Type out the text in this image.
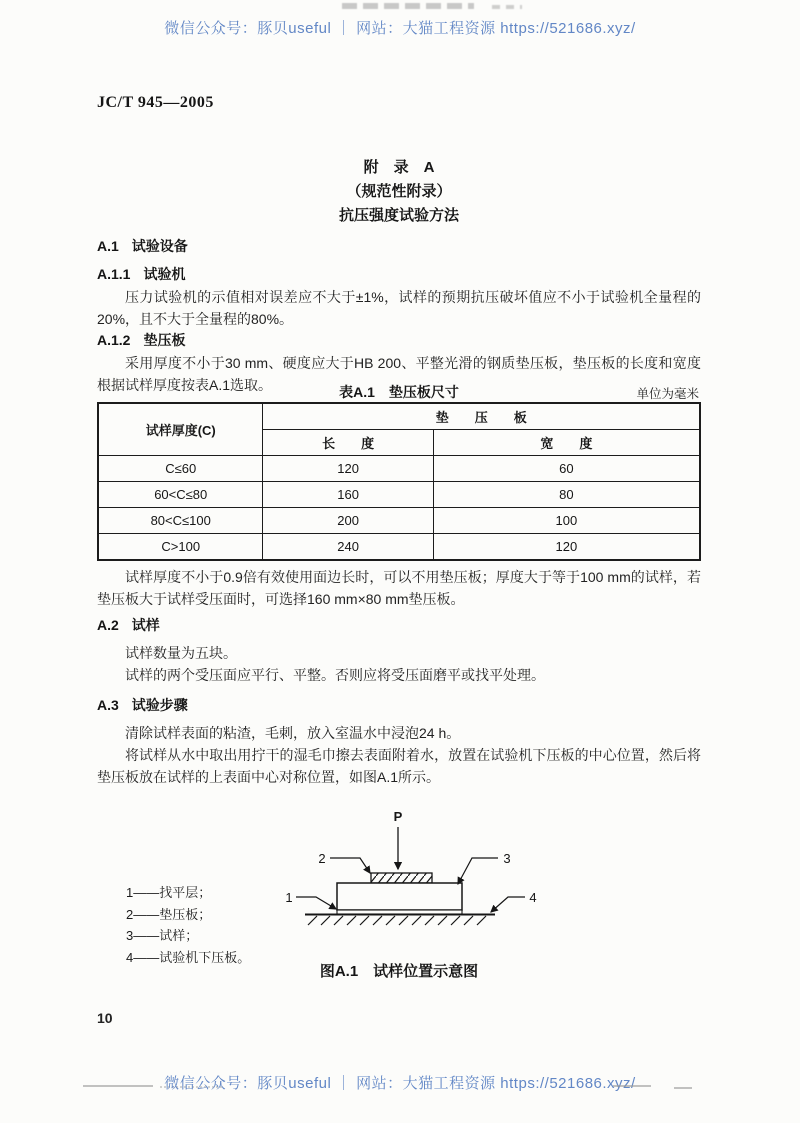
微信公众号：豚贝useful ｜ 网站：大猫工程资源 https://521686.xyz/
JC/T 945—2005
附　录　A
（规范性附录）
抗压强度试验方法
A.1 试验设备
A.1.1 试验机
压力试验机的示值相对误差应不大于±1%，试样的预期抗压破坏值应不小于试验机全量程的20%，且不大于全量程的80%。
A.1.2 垫压板
采用厚度不小于30 mm、硬度应大于HB 200、平整光滑的钢质垫压板，垫压板的长度和宽度根据试样厚度按表A.1选取。	表A.1　垫压板尺寸	单位为毫米
试样厚度(C)	垫　　压　　板	
	长　　度	宽　　度
C≤60	120	60
60<C≤80	160	80
80<C≤100	200	100
C>100	240	120
试样厚度不小于0.9倍有效使用面边长时，可以不用垫压板；厚度大于等于100 mm的试样，若垫压板大于试样受压面时，可选择160 mm×80 mm垫压板。
A.2 试样
试样数量为五块。
试样的两个受压面应平行、平整。否则应将受压面磨平或找平处理。
A.3 试验步骤
清除试样表面的粘渣，毛刺，放入室温水中浸泡24 h。
将试样从水中取出用拧干的湿毛巾擦去表面附着水，放置在试验机下压板的中心位置，然后将垫压板放在试样的上表面中心对称位置，如图A.1所示。
1——找平层；
2——垫压板；
3——试样；
4——试验机下压板。
P
2	3
1	4
图A.1　试样位置示意图
10
微信公众号：豚贝useful ｜ 网站：大猫工程资源 https://521686.xyz/
